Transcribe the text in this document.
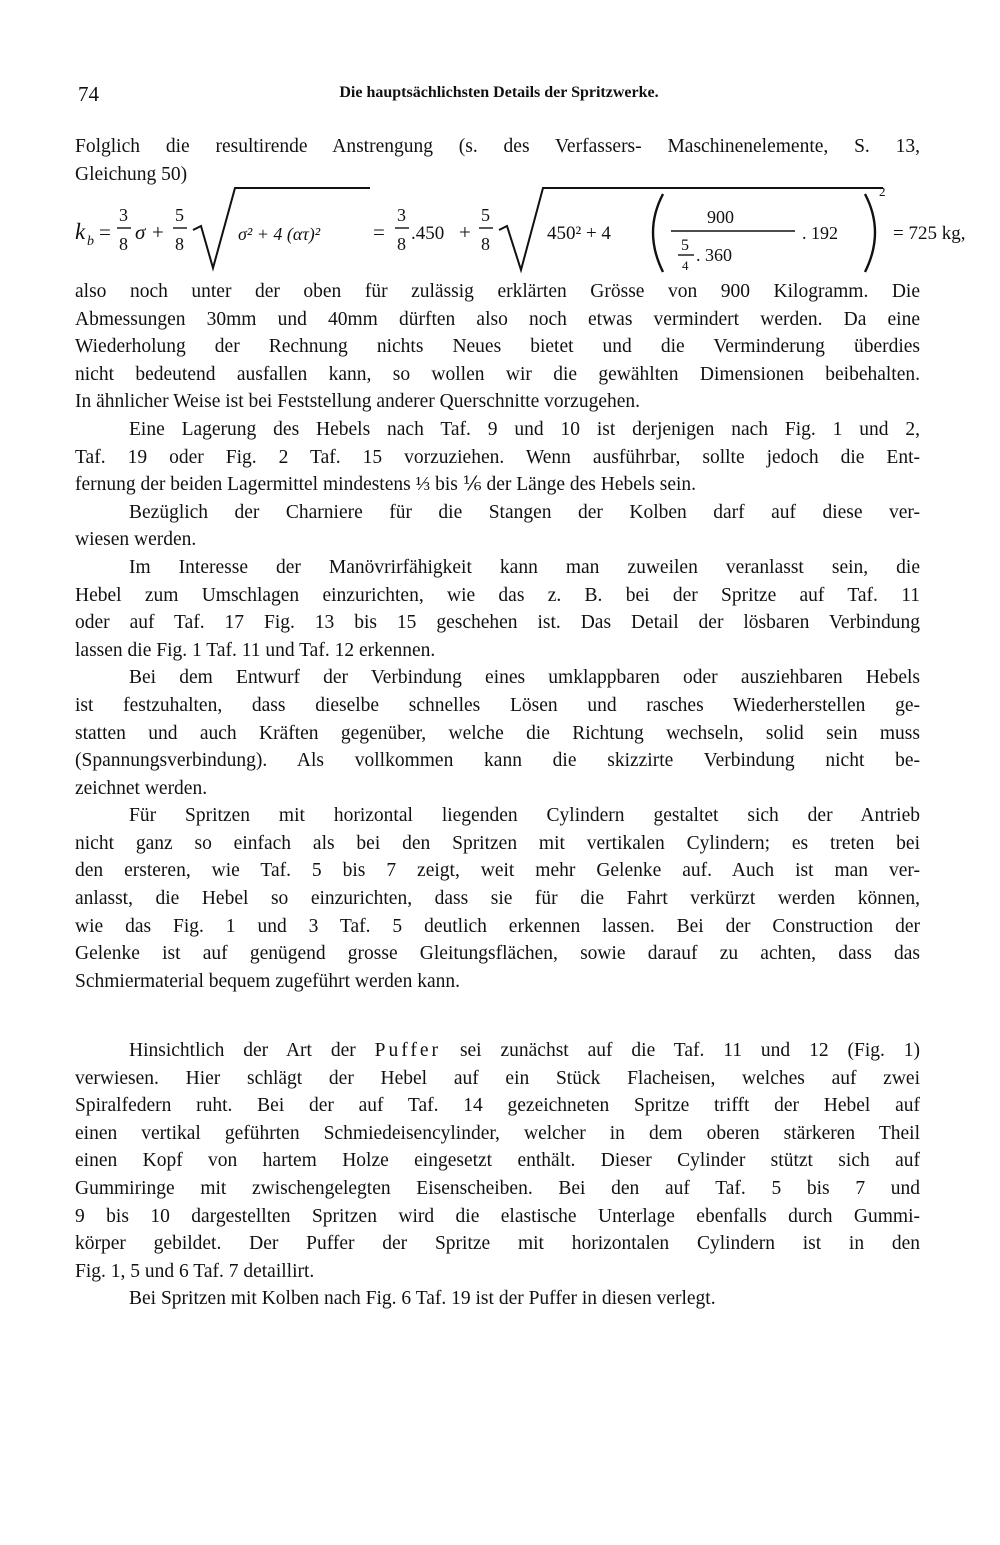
74	Die hauptsächlichsten Details der Spritzwerke.
Folglich die resultirende Anstrengung (s. des Verfassers- Maschinenelemente, S. 13,
Gleichung 50)
k b =
3
8 σ +
5
8	σ² + 4 (ατ)²	=
3
8 .450 +
5
8	450² + 4
900
5
4
. 360
. 192
2
= 725 kg,
also noch unter der oben für zulässig erklärten Grösse von 900 Kilogramm. Die
Abmessungen 30mm und 40mm dürften also noch etwas vermindert werden. Da eine
Wiederholung der Rechnung nichts Neues bietet und die Verminderung überdies
nicht bedeutend ausfallen kann, so wollen wir die gewählten Dimensionen beibehalten.
In ähnlicher Weise ist bei Feststellung anderer Querschnitte vorzugehen.
Eine Lagerung des Hebels nach Taf. 9 und 10 ist derjenigen nach Fig. 1 und 2,
Taf. 19 oder Fig. 2 Taf. 15 vorzuziehen. Wenn ausführbar, sollte jedoch die Ent-
fernung der beiden Lagermittel mindestens ⅓ bis ⅙ der Länge des Hebels sein.
Bezüglich der Charniere für die Stangen der Kolben darf auf diese ver-
wiesen werden.
Im Interesse der Manövrirfähigkeit kann man zuweilen veranlasst sein, die
Hebel zum Umschlagen einzurichten, wie das z. B. bei der Spritze auf Taf. 11
oder auf Taf. 17 Fig. 13 bis 15 geschehen ist. Das Detail der lösbaren Verbindung
lassen die Fig. 1 Taf. 11 und Taf. 12 erkennen.
Bei dem Entwurf der Verbindung eines umklappbaren oder ausziehbaren Hebels
ist festzuhalten, dass dieselbe schnelles Lösen und rasches Wiederherstellen ge-
statten und auch Kräften gegenüber, welche die Richtung wechseln, solid sein muss
(Spannungsverbindung). Als vollkommen kann die skizzirte Verbindung nicht be-
zeichnet werden.
Für Spritzen mit horizontal liegenden Cylindern gestaltet sich der Antrieb
nicht ganz so einfach als bei den Spritzen mit vertikalen Cylindern; es treten bei
den ersteren, wie Taf. 5 bis 7 zeigt, weit mehr Gelenke auf. Auch ist man ver-
anlasst, die Hebel so einzurichten, dass sie für die Fahrt verkürzt werden können,
wie das Fig. 1 und 3 Taf. 5 deutlich erkennen lassen. Bei der Construction der
Gelenke ist auf genügend grosse Gleitungsflächen, sowie darauf zu achten, dass das
Schmiermaterial bequem zugeführt werden kann.
Hinsichtlich der Art der Puffer sei zunächst auf die Taf. 11 und 12 (Fig. 1)
verwiesen. Hier schlägt der Hebel auf ein Stück Flacheisen, welches auf zwei
Spiralfedern ruht. Bei der auf Taf. 14 gezeichneten Spritze trifft der Hebel auf
einen vertikal geführten Schmiedeisencylinder, welcher in dem oberen stärkeren Theil
einen Kopf von hartem Holze eingesetzt enthält. Dieser Cylinder stützt sich auf
Gummiringe mit zwischengelegten Eisenscheiben. Bei den auf Taf. 5 bis 7 und
9 bis 10 dargestellten Spritzen wird die elastische Unterlage ebenfalls durch Gummi-
körper gebildet. Der Puffer der Spritze mit horizontalen Cylindern ist in den
Fig. 1, 5 und 6 Taf. 7 detaillirt.
Bei Spritzen mit Kolben nach Fig. 6 Taf. 19 ist der Puffer in diesen verlegt.
